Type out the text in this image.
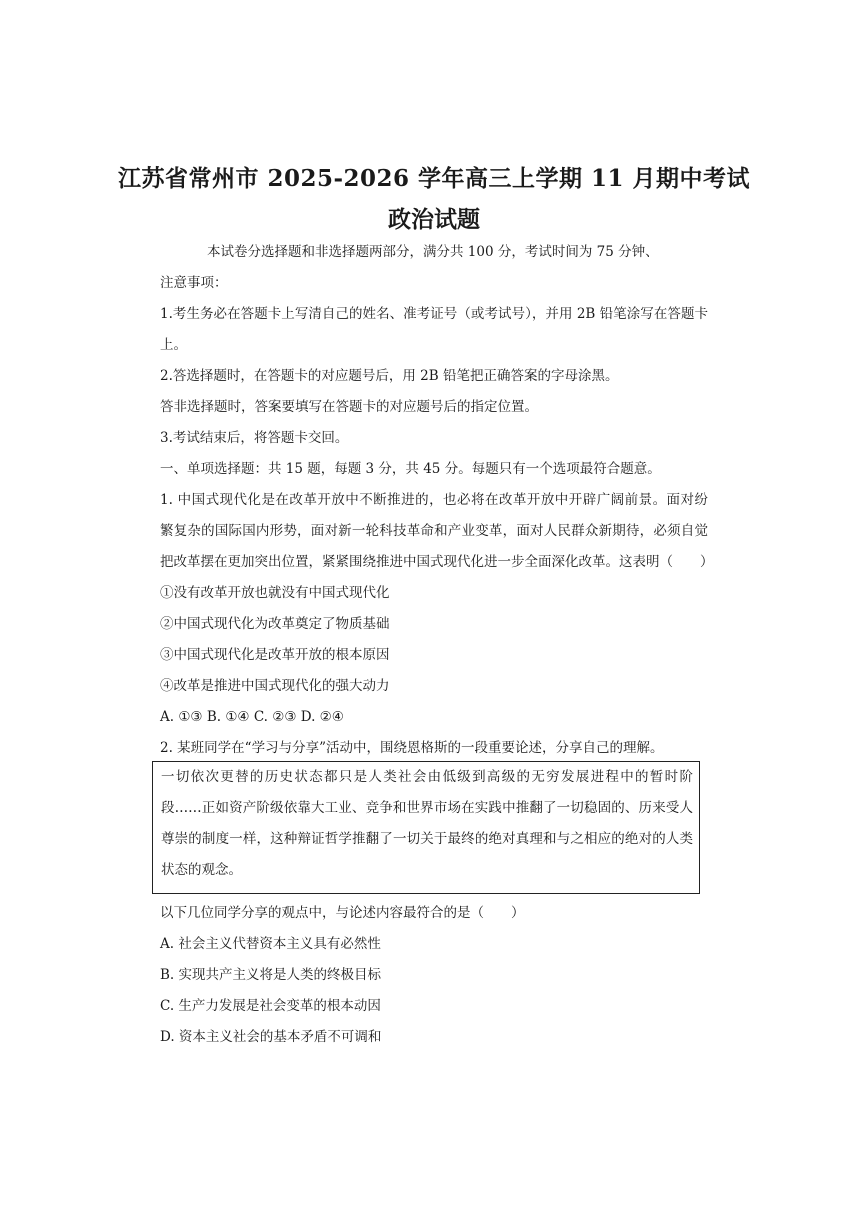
江苏省常州市 2025-2026 学年高三上学期 11 月期中考试
政治试题
本试卷分选择题和非选择题两部分，满分共 100 分，考试时间为 75 分钟、
注意事项：
1.考生务必在答题卡上写清自己的姓名、准考证号（或考试号），并用 2B 铅笔涂写在答题卡
上。
2.答选择题时，在答题卡的对应题号后，用 2B 铅笔把正确答案的字母涂黑。
答非选择题时，答案要填写在答题卡的对应题号后的指定位置。
3.考试结束后，将答题卡交回。
一、单项选择题：共 15 题，每题 3 分，共 45 分。每题只有一个选项最符合题意。
1. 中国式现代化是在改革开放中不断推进的，也必将在改革开放中开辟广阔前景。面对纷
繁复杂的国际国内形势，面对新一轮科技革命和产业变革，面对人民群众新期待，必须自觉
把改革摆在更加突出位置，紧紧围绕推进中国式现代化进一步全面深化改革。这表明（　　）
①没有改革开放也就没有中国式现代化
②中国式现代化为改革奠定了物质基础
③中国式现代化是改革开放的根本原因
④改革是推进中国式现代化的强大动力
A. ①③ B. ①④ C. ②③ D. ②④
2. 某班同学在“学习与分享”活动中，围绕恩格斯的一段重要论述，分享自己的理解。
一切依次更替的历史状态都只是人类社会由低级到高级的无穷发展进程中的暂时阶
段……正如资产阶级依靠大工业、竞争和世界市场在实践中推翻了一切稳固的、历来受人
尊崇的制度一样，这种辩证哲学推翻了一切关于最终的绝对真理和与之相应的绝对的人类
状态的观念。
以下几位同学分享的观点中，与论述内容最符合的是（　　）
A. 社会主义代替资本主义具有必然性
B. 实现共产主义将是人类的终极目标
C. 生产力发展是社会变革的根本动因
D. 资本主义社会的基本矛盾不可调和
